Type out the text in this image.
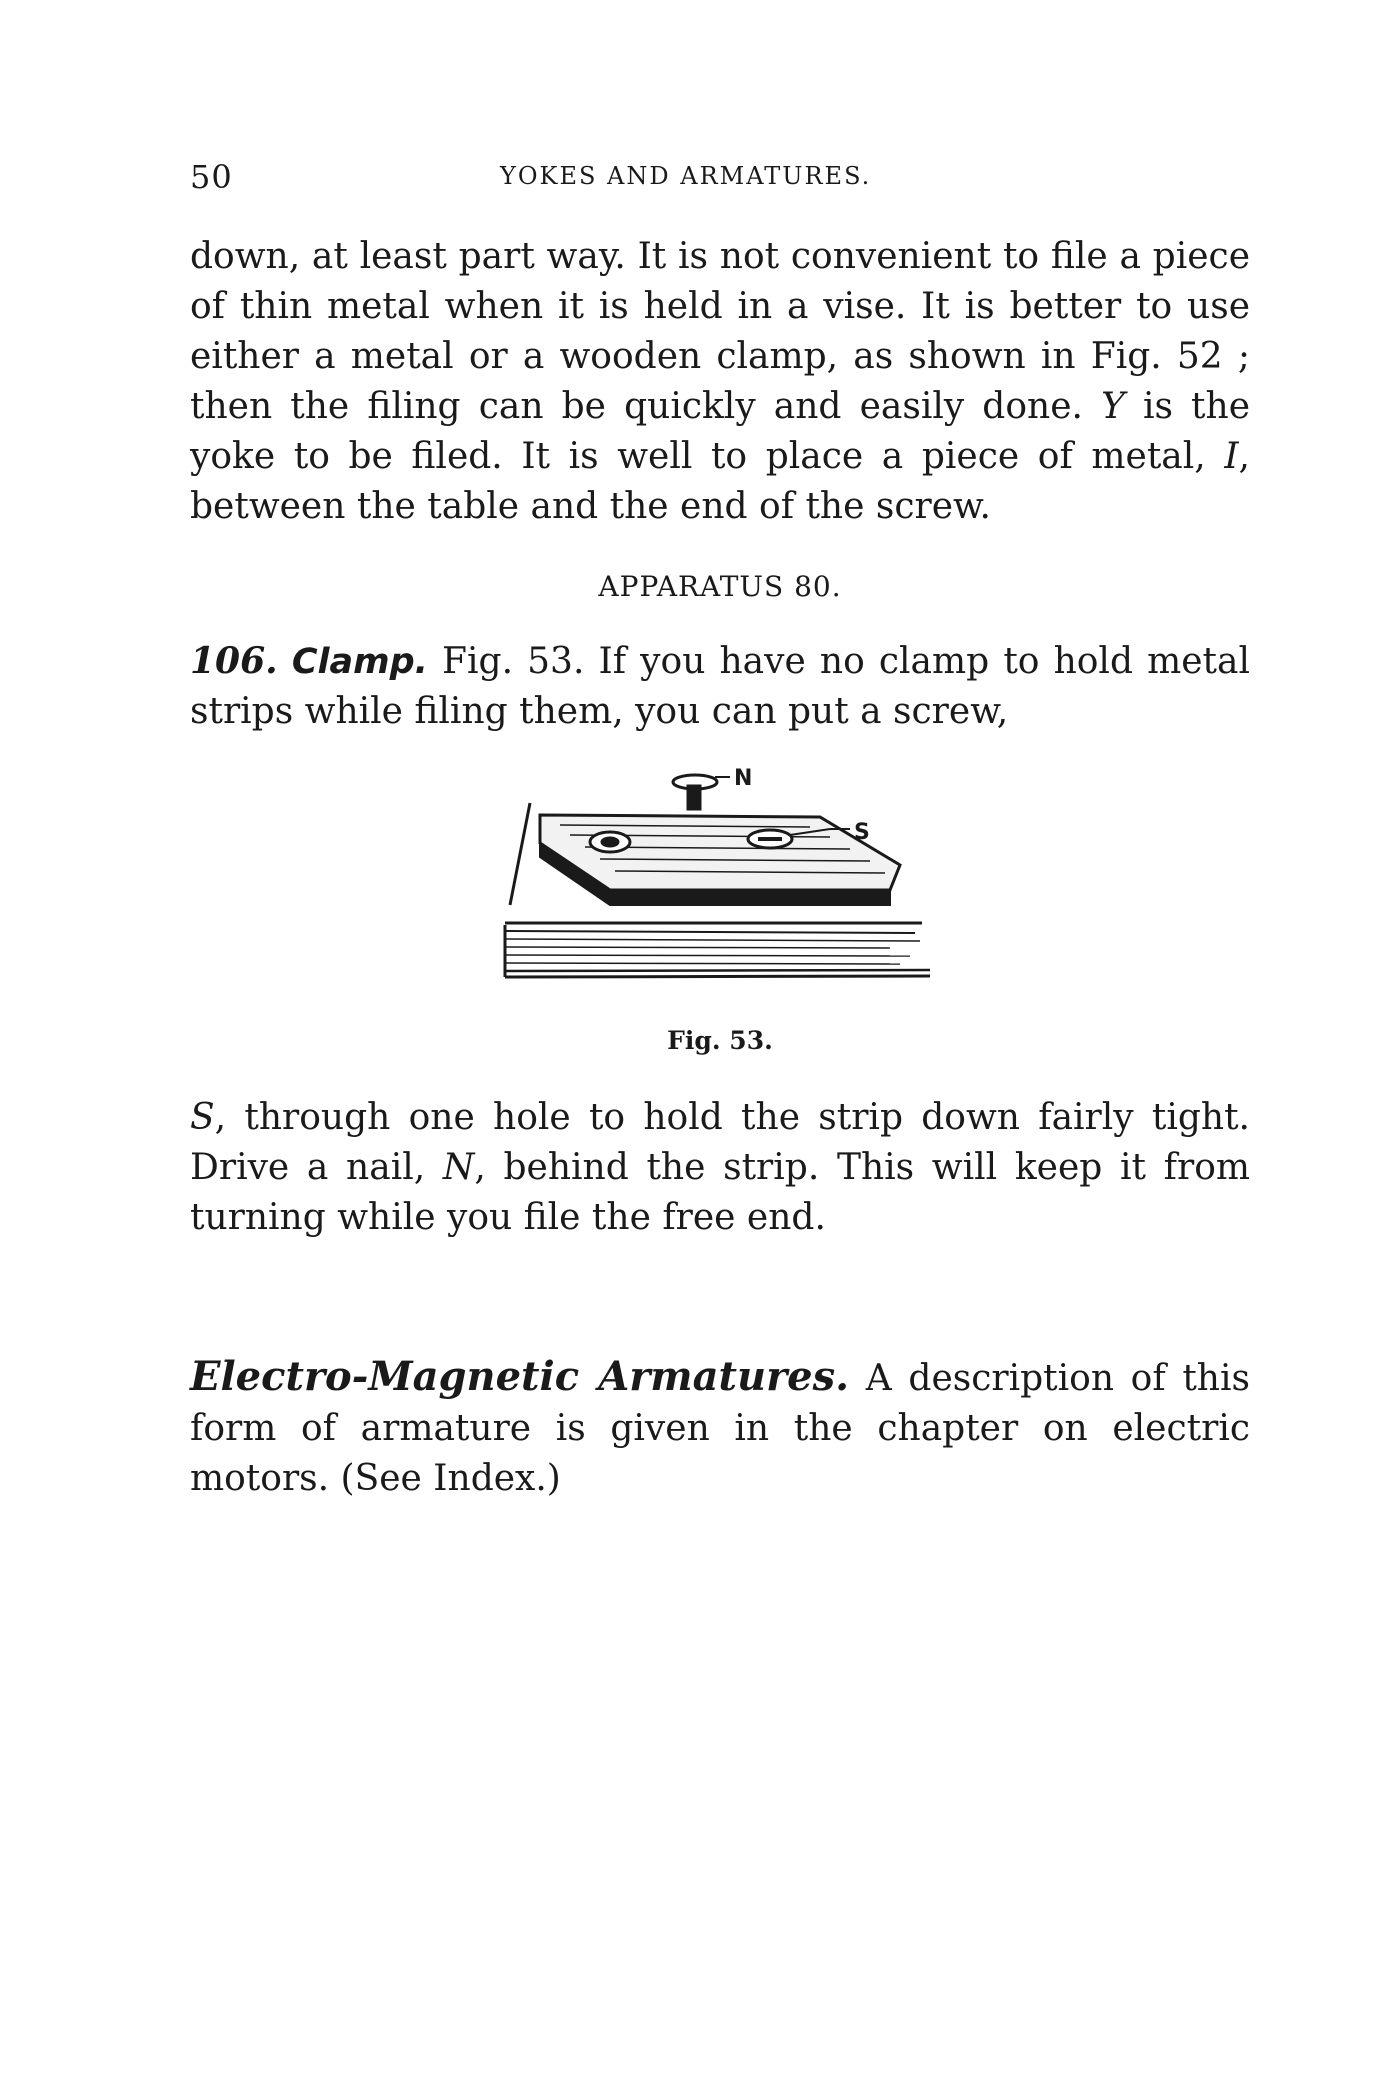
50	YOKES AND ARMATURES.

down, at least part way. It is not convenient to file a piece of thin metal when it is held in a vise. It is better to use either a metal or a wooden clamp, as shown in Fig. 52 ; then the filing can be quickly and easily done. Y is the yoke to be filed. It is well to place a piece of metal, I, between the table and the end of the screw.

APPARATUS 80.

106. Clamp. Fig. 53. If you have no clamp to hold metal strips while filing them, you can put a screw,

N
S
Fig. 53.

S, through one hole to hold the strip down fairly tight. Drive a nail, N, behind the strip. This will keep it from turning while you file the free end.

Electro-Magnetic Armatures. A description of this form of armature is given in the chapter on electric motors. (See Index.)
